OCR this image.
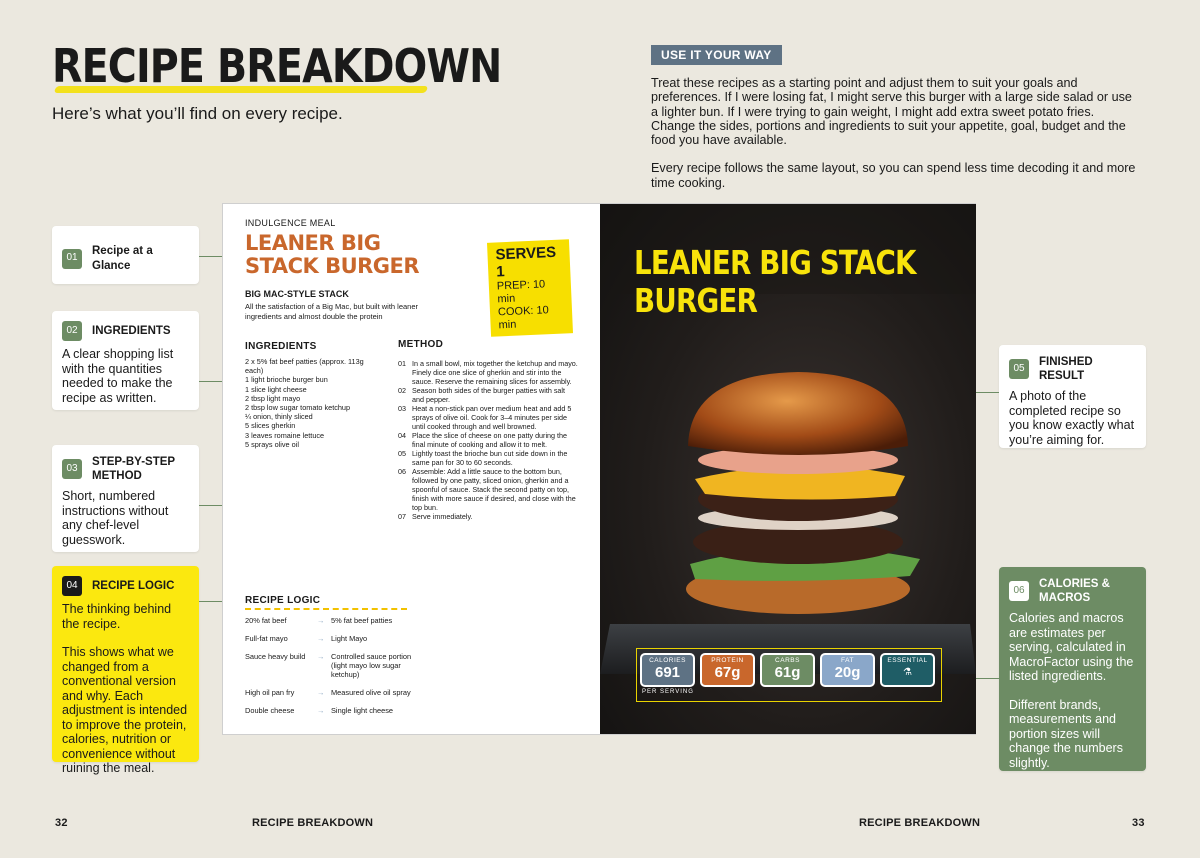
RECIPE BREAKDOWN
Here’s what you’ll find on every recipe.
USE IT YOUR WAY

Treat these recipes as a starting point and adjust them to suit your goals and preferences. If I were losing fat, I might serve this burger with a large side salad or use a lighter bun. If I were trying to gain weight, I might add extra sweet potato fries. Change the sides, portions and ingredients to suit your appetite, goal, budget and the food you have available.

Every recipe follows the same layout, so you can spend less time decoding it and more time cooking.

01
Recipe at a Glance
02	INGREDIENTS

A clear shopping list with the quantities needed to make the recipe as written.

03
STEP-BY-STEP METHOD

Short, numbered instructions without any chef-level guesswork.

04	RECIPE LOGIC

The thinking behind the recipe.

This shows what we changed from a conventional version and why. Each adjustment is intended to improve the protein, calories, nutrition or convenience without ruining the meal.

05
FINISHED RESULT

A photo of the completed recipe so you know exactly what you’re aiming for.

06
CALORIES & MACROS

Calories and macros are estimates per serving, calculated in MacroFactor using the listed ingredients.

Different brands, measurements and portion sizes will change the numbers slightly.

INDULGENCE MEAL
LEANER BIG STACK BURGER
SERVES 1
PREP: 10 min
COOK: 10 min
BIG MAC-STYLE STACK
All the satisfaction of a Big Mac, but built with leaner ingredients and almost double the protein
INGREDIENTS
2 x 5% fat beef patties (approx. 113g each)
1 light brioche burger bun
1 slice light cheese
2 tbsp light mayo
2 tbsp low sugar tomato ketchup
¼ onion, thinly sliced
5 slices gherkin
3 leaves romaine lettuce
5 sprays olive oil
METHOD
01 In a small bowl, mix together the ketchup and mayo. Finely dice one slice of gherkin and stir into the sauce. Reserve the remaining slices for assembly.
02 Season both sides of the burger patties with salt and pepper.
03 Heat a non-stick pan over medium heat and add 5 sprays of olive oil. Cook for 3–4 minutes per side until cooked through and well browned.
04 Place the slice of cheese on one patty during the final minute of cooking and allow it to melt.
05 Lightly toast the brioche bun cut side down in the same pan for 30 to 60 seconds.
06 Assemble: Add a little sauce to the bottom bun, followed by one patty, sliced onion, gherkin and a spoonful of sauce. Stack the second patty on top, finish with more sauce if desired, and close with the top bun.
07 Serve immediately.
RECIPE LOGIC
20% fat beef	→ 5% fat beef patties
Full-fat mayo	→ Light Mayo
Sauce heavy build	→ Controlled sauce portion (light mayo low sugar ketchup)
High oil pan fry	→ Measured olive oil spray
Double cheese	→ Single light cheese
LEANER BIG STACK BURGER
CALORIES
691
PROTEIN
67g
CARBS
61g
FAT
20g
ESSENTIAL
⚗
PER SERVING
32	RECIPE BREAKDOWN	RECIPE BREAKDOWN	33
